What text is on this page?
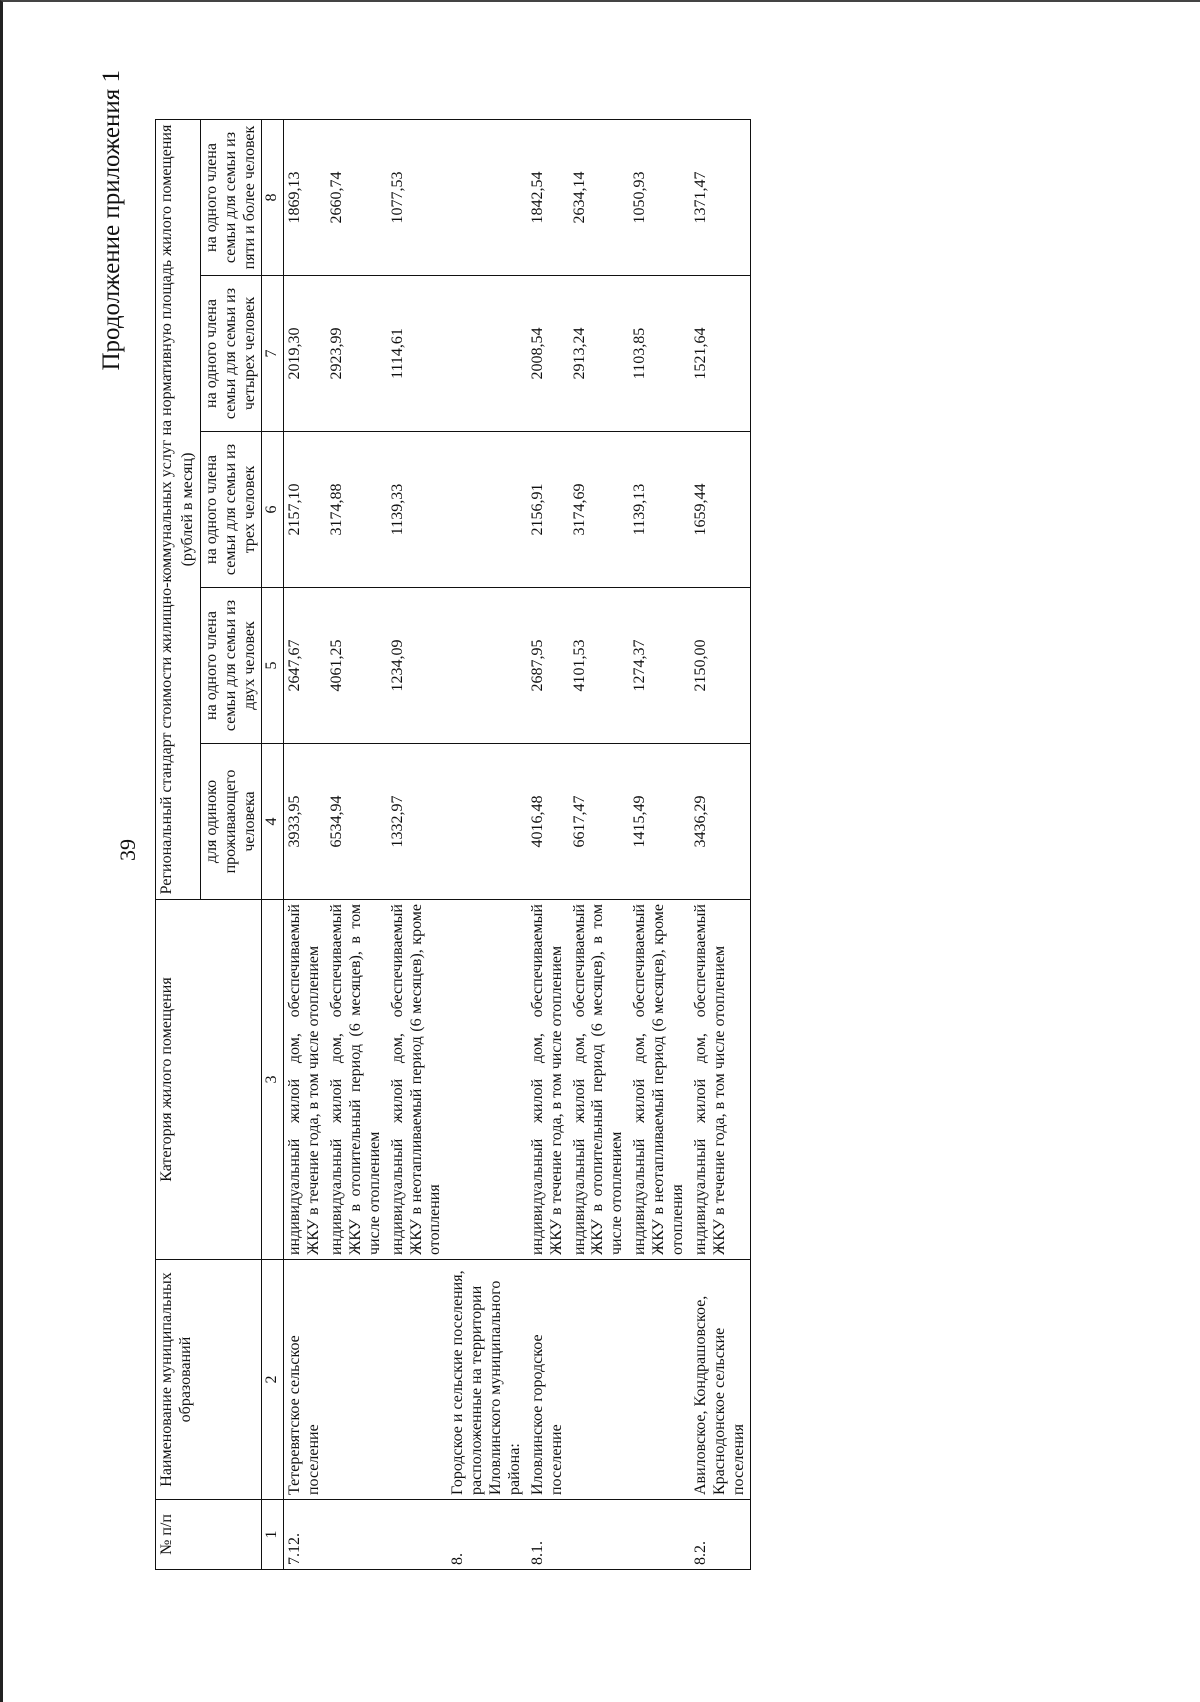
39
Продолжение приложения 1
№ п/п	Наименование муниципальных образований	Категория жилого помещения	Региональный стандарт стоимости жилищно-коммунальных услуг на нормативную площадь жилого помещения				
			(рублей в месяц)				
			для одиноко проживающего человека	на одного члена семьи для семьи из двух человек	на одного члена семьи для семьи из трех человек	на одного члена семьи для семьи из четырех человек	на одного члена семьи для семьи из пяти и более человек
1	2	3	4	5	6	7	8
7.12.	Тетеревятское сельское поселение	индивидуальный жилой дом, обеспечиваемый ЖКУ в течение года, в том числе отоплением	3933,95	2647,67	2157,10	2019,30	1869,13
		индивидуальный жилой дом, обеспечиваемый ЖКУ в отопительный период (6 месяцев), в том числе отоплением	6534,94	4061,25	3174,88	2923,99	2660,74
		индивидуальный жилой дом, обеспечиваемый ЖКУ в неотапливаемый период (6 месяцев), кроме отопления	1332,97	1234,09	1139,33	1114,61	1077,53
8.	Городское и сельские поселения, расположенные на территории Иловлинского муниципального района:						
8.1.	Иловлинское городское поселение	индивидуальный жилой дом, обеспечиваемый ЖКУ в течение года, в том числе отоплением	4016,48	2687,95	2156,91	2008,54	1842,54
		индивидуальный жилой дом, обеспечиваемый ЖКУ в отопительный период (6 месяцев), в том числе отоплением	6617,47	4101,53	3174,69	2913,24	2634,14
		индивидуальный жилой дом, обеспечиваемый ЖКУ в неотапливаемый период (6 месяцев), кроме отопления	1415,49	1274,37	1139,13	1103,85	1050,93
8.2.	Авиловское, Кондрашовское, Краснодонское сельские поселения	индивидуальный жилой дом, обеспечиваемый ЖКУ в течение года, в том числе отоплением	3436,29	2150,00	1659,44	1521,64	1371,47
